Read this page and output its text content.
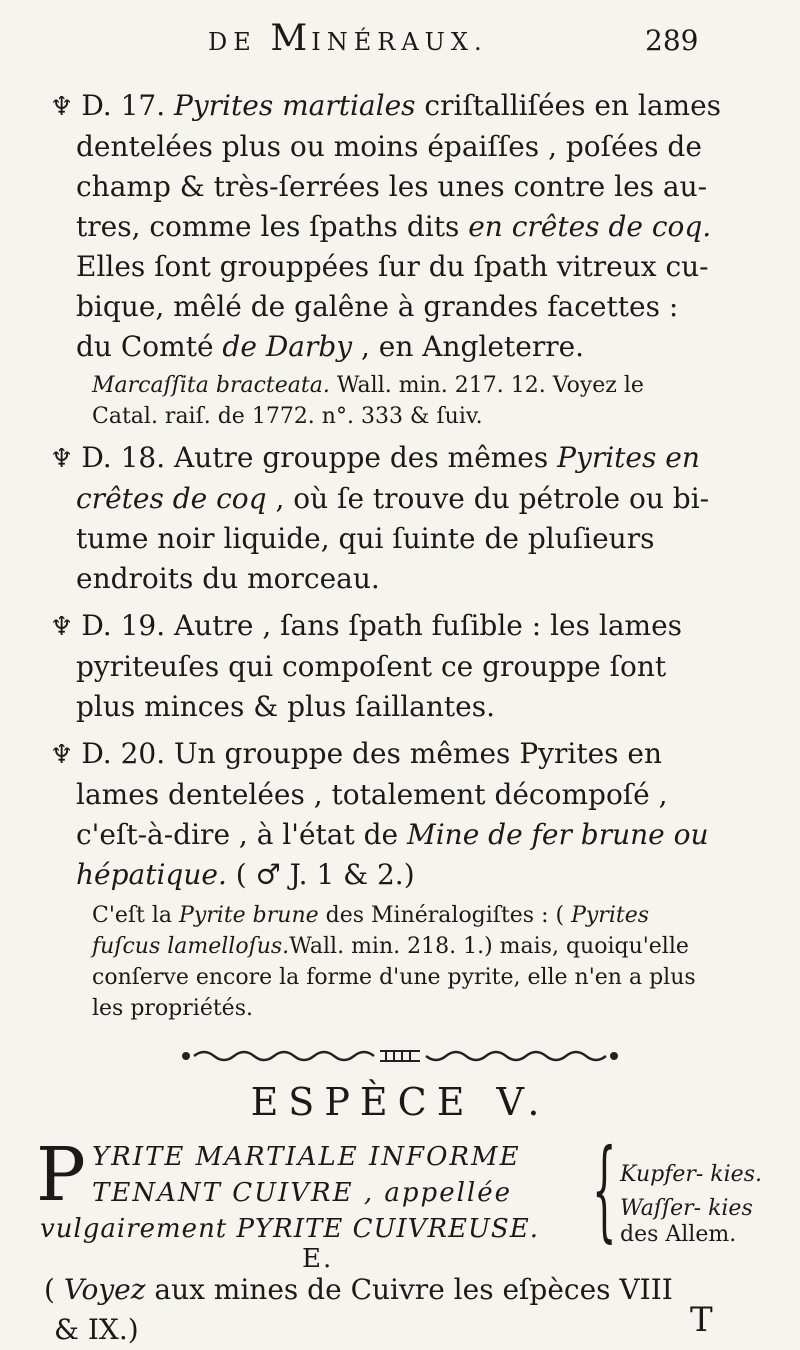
DE MINÉRAUX.	289
♆ D. 17. Pyrites martiales criſtalliſées en lames
dentelées plus ou moins épaiſſes , poſées de
champ & très-ſerrées les unes contre les au-
tres, comme les ſpaths dits en crêtes de coq.
Elles ſont grouppées ſur du ſpath vitreux cu-
bique, mêlé de galêne à grandes facettes :
du Comté de Darby , en Angleterre.
Marcaſſita bracteata. Wall. min. 217. 12. Voyez le
Catal. raiſ. de 1772. n°. 333 & ſuiv.
♆ D. 18. Autre grouppe des mêmes Pyrites en
crêtes de coq , où ſe trouve du pétrole ou bi-
tume noir liquide, qui ſuinte de pluſieurs
endroits du morceau.
♆ D. 19. Autre , ſans ſpath fuſible : les lames
pyriteuſes qui compoſent ce grouppe ſont
plus minces & plus ſaillantes.
♆ D. 20. Un grouppe des mêmes Pyrites en
lames dentelées , totalement décompoſé ,
c'eſt-à-dire , à l'état de Mine de fer brune ou
hépatique. ( ♂ J. 1 & 2.)
C'eſt la Pyrite brune des Minéralogiſtes : ( Pyrites
fuſcus lamelloſus.Wall. min. 218. 1.) mais, quoiqu'elle
conſerve encore la forme d'une pyrite, elle n'en a plus
les propriétés.
ESPÈCE V.
P YRITE MARTIALE INFORME
TENANT CUIVRE , appellée
vulgairement PYRITE CUIVREUSE.
E.
{ Kupfer- kies.
Waſſer- kies
des Allem.
( Voyez aux mines de Cuivre les eſpèces VIII
& IX.)	T
